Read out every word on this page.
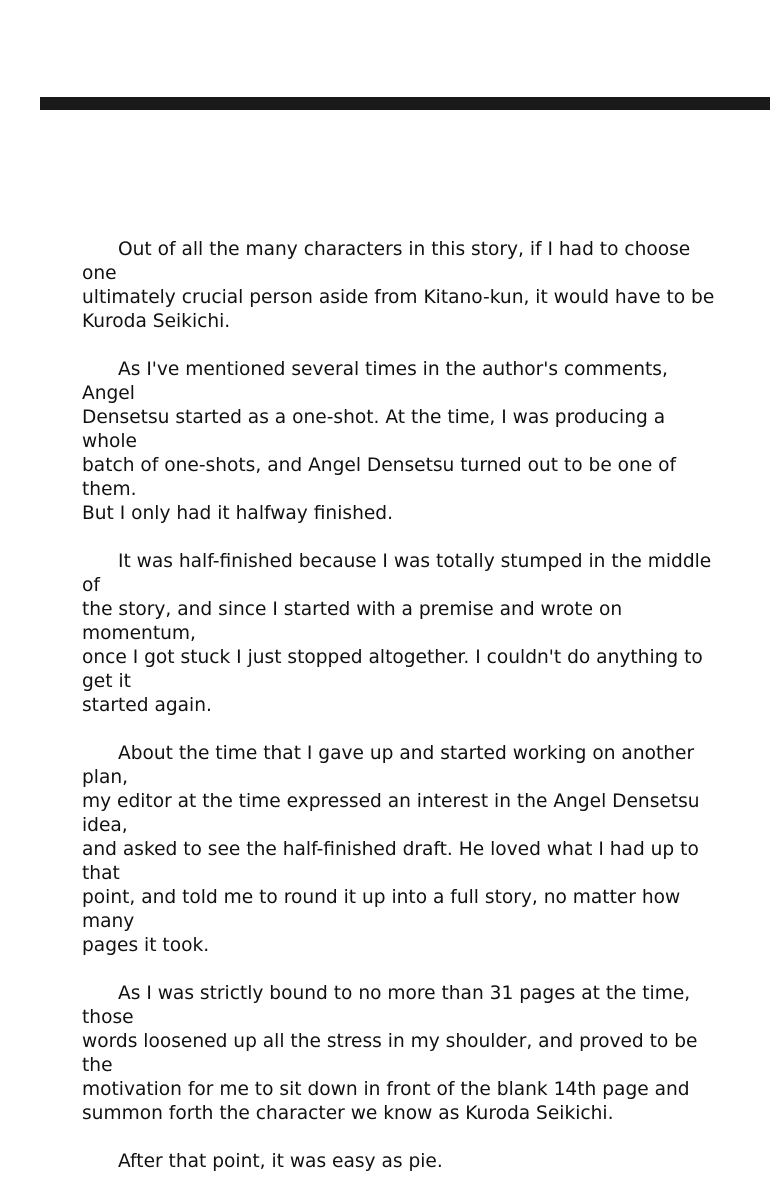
Out of all the many characters in this story, if I had to choose one
ultimately crucial person aside from Kitano-kun, it would have to be
Kuroda Seikichi.

As I've mentioned several times in the author's comments, Angel
Densetsu started as a one-shot. At the time, I was producing a whole
batch of one-shots, and Angel Densetsu turned out to be one of them.
But I only had it halfway finished.

It was half-finished because I was totally stumped in the middle of
the story, and since I started with a premise and wrote on momentum,
once I got stuck I just stopped altogether. I couldn't do anything to get it
started again.

About the time that I gave up and started working on another plan,
my editor at the time expressed an interest in the Angel Densetsu idea,
and asked to see the half-finished draft. He loved what I had up to that
point, and told me to round it up into a full story, no matter how many
pages it took.

As I was strictly bound to no more than 31 pages at the time, those
words loosened up all the stress in my shoulder, and proved to be the
motivation for me to sit down in front of the blank 14th page and
summon forth the character we know as Kuroda Seikichi.

After that point, it was easy as pie.
